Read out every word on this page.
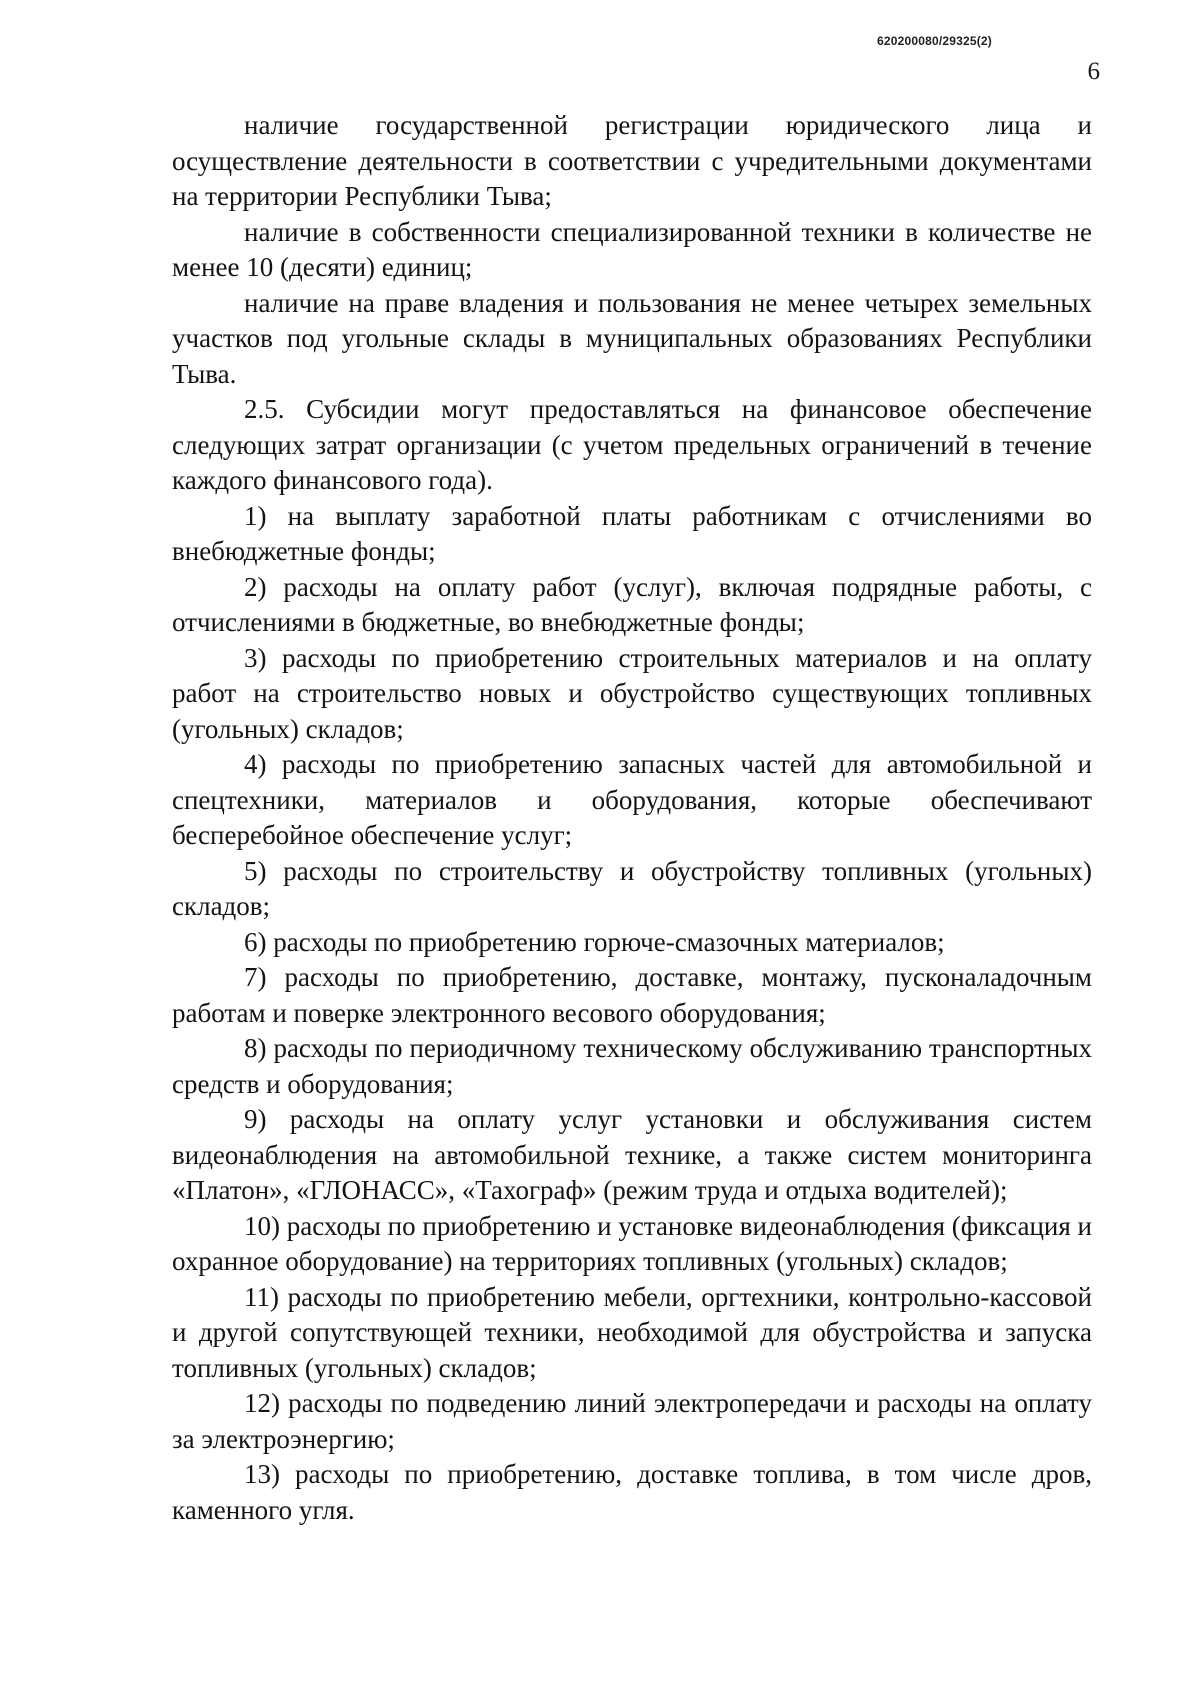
620200080/29325(2)
6

наличие государственной регистрации юридического лица и осуществление деятельности в соответствии с учредительными документами на территории Республики Тыва;

наличие в собственности специализированной техники в количестве не менее 10 (десяти) единиц;

наличие на праве владения и пользования не менее четырех земельных участков под угольные склады в муниципальных образованиях Республики Тыва.

2.5. Субсидии могут предоставляться на финансовое обеспечение следующих затрат организации (с учетом предельных ограничений в течение каждого финансового года).

1) на выплату заработной платы работникам с отчислениями во внебюджетные фонды;

2) расходы на оплату работ (услуг), включая подрядные работы, с отчислениями в бюджетные, во внебюджетные фонды;

3) расходы по приобретению строительных материалов и на оплату работ на строительство новых и обустройство существующих топливных (угольных) складов;

4) расходы по приобретению запасных частей для автомобильной и спецтехники, материалов и оборудования, которые обеспечивают бесперебойное обеспечение услуг;

5) расходы по строительству и обустройству топливных (угольных) складов;

6) расходы по приобретению горюче-смазочных материалов;

7) расходы по приобретению, доставке, монтажу, пусконаладочным работам и поверке электронного весового оборудования;

8) расходы по периодичному техническому обслуживанию транспортных средств и оборудования;

9) расходы на оплату услуг установки и обслуживания систем видеонаблюдения на автомобильной технике, а также систем мониторинга «Платон», «ГЛОНАСС», «Тахограф» (режим труда и отдыха водителей);

10) расходы по приобретению и установке видеонаблюдения (фиксация и охранное оборудование) на территориях топливных (угольных) складов;

11) расходы по приобретению мебели, оргтехники, контрольно-кассовой и другой сопутствующей техники, необходимой для обустройства и запуска топливных (угольных) складов;

12) расходы по подведению линий электропередачи и расходы на оплату за электроэнергию;

13) расходы по приобретению, доставке топлива, в том числе дров, каменного угля.
